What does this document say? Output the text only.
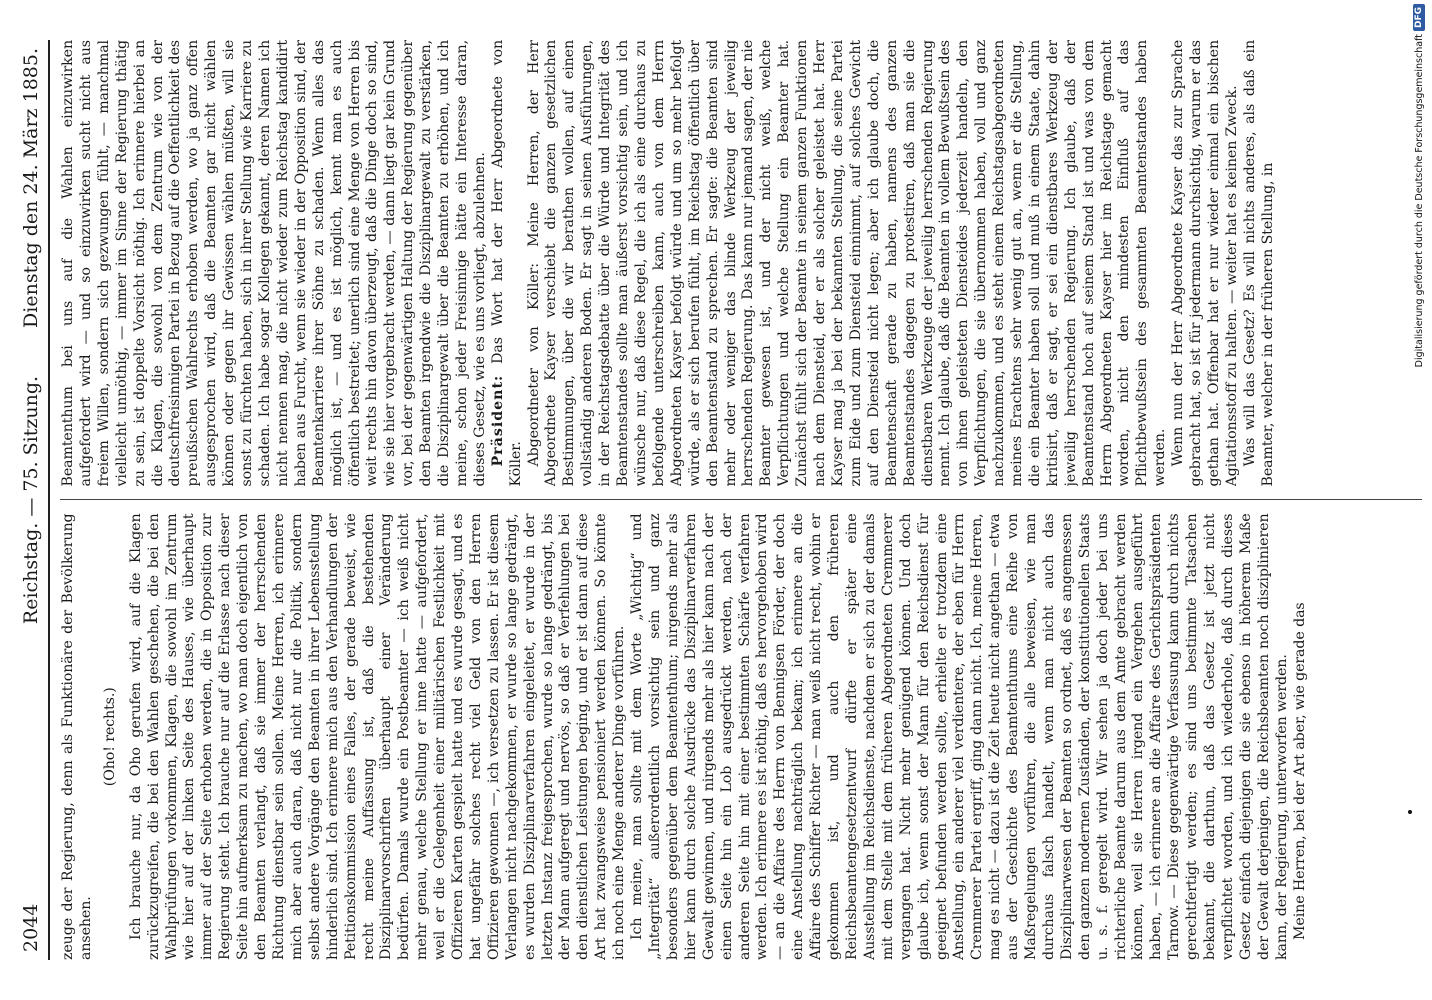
2044
Reichstag. — 75. Sitzung.
Dienstag den 24. März 1885.

zeuge der Regierung, denn als Funktionäre der Bevölkerung ansehen.

(Oho! rechts.) Ich brauche nur, da Oho gerufen wird, auf die Klagen zurückzugreifen, die bei den Wahlen geschehen, die bei den Wahlprüfungen vorkommen, Klagen, die sowohl im Zentrum wie hier auf der linken Seite des Hauses, wie überhaupt immer auf der Seite erhoben werden, die in Opposition zur Regierung steht. Ich brauche nur auf die Erlasse nach dieser Seite hin aufmerksam zu machen, wo man doch eigentlich von den Beamten verlangt, daß sie immer der herrschenden Richtung dienstbar sein sollen. Meine Herren, ich erinnere mich aber auch daran, daß nicht nur die Politik, sondern selbst andere Vorgänge den Beamten in ihrer Lebensstellung hinderlich sind. Ich erinnere mich aus den Verhandlungen der Petitionskommission eines Falles, der gerade beweist, wie recht meine Auffassung ist, daß die bestehenden Disziplinarvorschriften überhaupt einer Veränderung bedürfen. Damals wurde ein Postbeamter — ich weiß nicht mehr genau, welche Stellung er inne hatte — aufgefordert, weil er die Gelegenheit einer militärischen Festlichkeit mit Offizieren Karten gespielt hatte und es wurde gesagt, und es hat ungefähr solches recht viel Geld von den Herren Offizieren gewonnen —, ich versetzen zu lassen. Er ist diesem Verlangen nicht nachgekommen, er wurde so lange gedrängt, es wurden Disziplinarverfahren eingeleitet, er wurde in der letzten Instanz freigesprochen, wurde so lange gedrängt, bis der Mann aufgeregt und nervös, so daß er Verfehlungen bei den dienstlichen Leistungen beging, und er ist dann auf diese Art hat zwangsweise pensioniert werden können. So könnte ich noch eine Menge anderer Dinge vorführen. Ich meine, man sollte mit dem Worte „Wichtig“ und „Integrität“ außerordentlich vorsichtig sein und ganz besonders gegenüber dem Beamtenthum; nirgends mehr als hier kann durch solche Ausdrücke das Disziplinarverfahren Gewalt gewinnen, und nirgends mehr als hier kann nach der einen Seite hin ein Lob ausgedrückt werden, nach der anderen Seite hin mit einer bestimmten Schärfe verfahren werden. Ich erinnere es ist nöthig, daß es hervorgehoben wird — an die Affaire des Herrn von Bennigsen Förder, der doch eine Anstellung nachträglich bekam; ich erinnere an die Affaire des Schiffer Richter — man weiß nicht recht, wohin er gekommen ist, und auch den früheren Reichsbeamtengesetzentwurf dürfte er später eine Ausstellung im Reichsdienste, nachdem er sich zu der damals mit dem Stelle mit dem früheren Abgeordneten Cremmerer vergangen hat. Nicht mehr genügend können. Und doch glaube ich, wenn sonst der Mann für den Reichsdienst für geeignet befunden werden sollte, erhielte er trotzdem eine Anstellung, ein anderer viel verdientere, der eben für Herrn Cremmerer Partei ergriff, ging dann nicht. Ich, meine Herren, mag es nicht — dazu ist die Zeit heute nicht angethan — etwa aus der Geschichte des Beamtenthums eine Reihe von Maßregelungen vorführen, die alle beweisen, wie man durchaus falsch handelt, wenn man nicht auch das Disziplinarwesen der Beamten so ordnet, daß es angemessen den ganzen modernen Zuständen, der konstitutionellen Staats u. s. f. geregelt wird. Wir sehen ja doch jeder bei uns richterliche Beamte darum aus dem Amte gebracht werden können, weil sie Herren irgend ein Vergehen ausgeführt haben, — ich erinnere an die Affaire des Gerichtspräsidenten Tarnow. — Diese gegenwärtige Verfassung kann durch nichts gerechtfertigt werden; es sind uns bestimmte Tatsachen bekannt, die darthun, daß das Gesetz ist jetzt nicht verpflichtet worden, und ich wiederhole, daß durch dieses Gesetz einfach diejenigen die sie ebenso in höherem Maße der Gewalt derjenigen, die Reichsbeamten noch disziplinieren kann, der Regierung, unterworfen werden. Meine Herren, bei der Art aber, wie gerade das

Beamtenthum bei uns auf die Wahlen einzuwirken aufgefordert wird — und so einzuwirken sucht nicht aus freiem Willen, sondern sich gezwungen fühlt, — manchmal vielleicht unnöthig, — immer im Sinne der Regierung thätig zu sein, ist doppelte Vorsicht nöthig. Ich erinnere hierbei an die Klagen, die sowohl von dem Zentrum wie von der deutschfreisinnigen Partei in Bezug auf die Oeffentlichkeit des preußischen Wahlrechts erhoben werden, wo ja ganz offen ausgesprochen wird, daß die Beamten gar nicht wählen können oder gegen ihr Gewissen wählen müßten, will sie sonst zu fürchten haben, sich in ihrer Stellung wie Karriere zu schaden. Ich habe sogar Kollegen gekannt, deren Namen ich nicht nennen mag, die nicht wieder zum Reichstag kandidirt haben aus Furcht, wenn sie wieder in der Opposition sind, der Beamtenkarriere ihrer Söhne zu schaden. Wenn alles das möglich ist, — und es ist möglich, kennt man es auch öffentlich bestreitet; unerlich sind eine Menge von Herren bis weit rechts hin davon überzeugt, daß die Dinge doch so sind, wie sie hier vorgebracht werden, — dann liegt gar kein Grund vor, bei der gegenwärtigen Haltung der Regierung gegenüber den Beamten irgendwie die Disziplinargewalt zu verstärken, die Disziplinargewalt über die Beamten zu erhöhen, und ich meine, schon jeder Freisinnige hätte ein Interesse daran, dieses Gesetz, wie es uns vorliegt, abzulehnen. Präsident: Das Wort hat der Herr Abgeordnete von Köller. Abgeordneter von Köller: Meine Herren, der Herr Abgeordnete Kayser verschiebt die ganzen gesetzlichen Bestimmungen, über die wir berathen wollen, auf einen vollständig anderen Boden. Er sagt in seinen Ausführungen, in der Reichstagsdebatte über die Würde und Integrität des Beamtenstandes sollte man äußerst vorsichtig sein, und ich wünsche nur, daß diese Regel, die ich als eine durchaus zu befolgende unterschreiben kann, auch von dem Herrn Abgeordneten Kayser befolgt würde und um so mehr befolgt würde, als er sich berufen fühlt, im Reichstag öffentlich über den Beamtenstand zu sprechen. Er sagte: die Beamten sind mehr oder weniger das blinde Werkzeug der jeweilig herrschenden Regierung. Das kann nur jemand sagen, der nie Beamter gewesen ist, und der nicht weiß, welche Verpflichtungen und welche Stellung ein Beamter hat. Zunächst fühlt sich der Beamte in seinem ganzen Funktionen nach dem Diensteid, der er als solcher geleistet hat. Herr Kayser mag ja bei der bekannten Stellung, die seine Partei zum Eide und zum Diensteid einnimmt, auf solches Gewicht auf den Diensteid nicht legen; aber ich glaube doch, die Beamtenschaft gerade zu haben, namens des ganzen Beamtenstandes dagegen zu protestiren, daß man sie die dienstbaren Werkzeuge der jeweilig herrschenden Regierung nennt. Ich glaube, daß die Beamten in vollem Bewußtsein des von ihnen geleisteten Diensteides jederzeit handeln, den Verpflichtungen, die sie übernommen haben, voll und ganz nachzukommen, und es steht einem Reichstagsabgeordneten meines Erachtens sehr wenig gut an, wenn er die Stellung, die ein Beamter haben soll und muß in einem Staate, dahin kritisirt, daß er sagt, er sei ein dienstbares Werkzeug der jeweilig herrschenden Regierung. Ich glaube, daß der Beamtenstand hoch auf seinem Stand ist und was von dem Herrn Abgeordneten Kayser hier im Reichstage gemacht worden, nicht den mindesten Einfluß auf das Pflichtbewußtsein des gesammten Beamtenstandes haben werden. Wenn nun der Herr Abgeordnete Kayser das zur Sprache gebracht hat, so ist für jedermann durchsichtig, warum er das gethan hat. Offenbar hat er nur wieder einmal ein bischen Agitationsstoff zu halten. — weiter hat es keinen Zweck. Was will das Gesetz? Es will nichts anderes, als daß ein Beamter, welcher in der früheren Stellung, in	Digitalisierung gefördert durch die Deutsche Forschungsgemeinschaft
DFG
